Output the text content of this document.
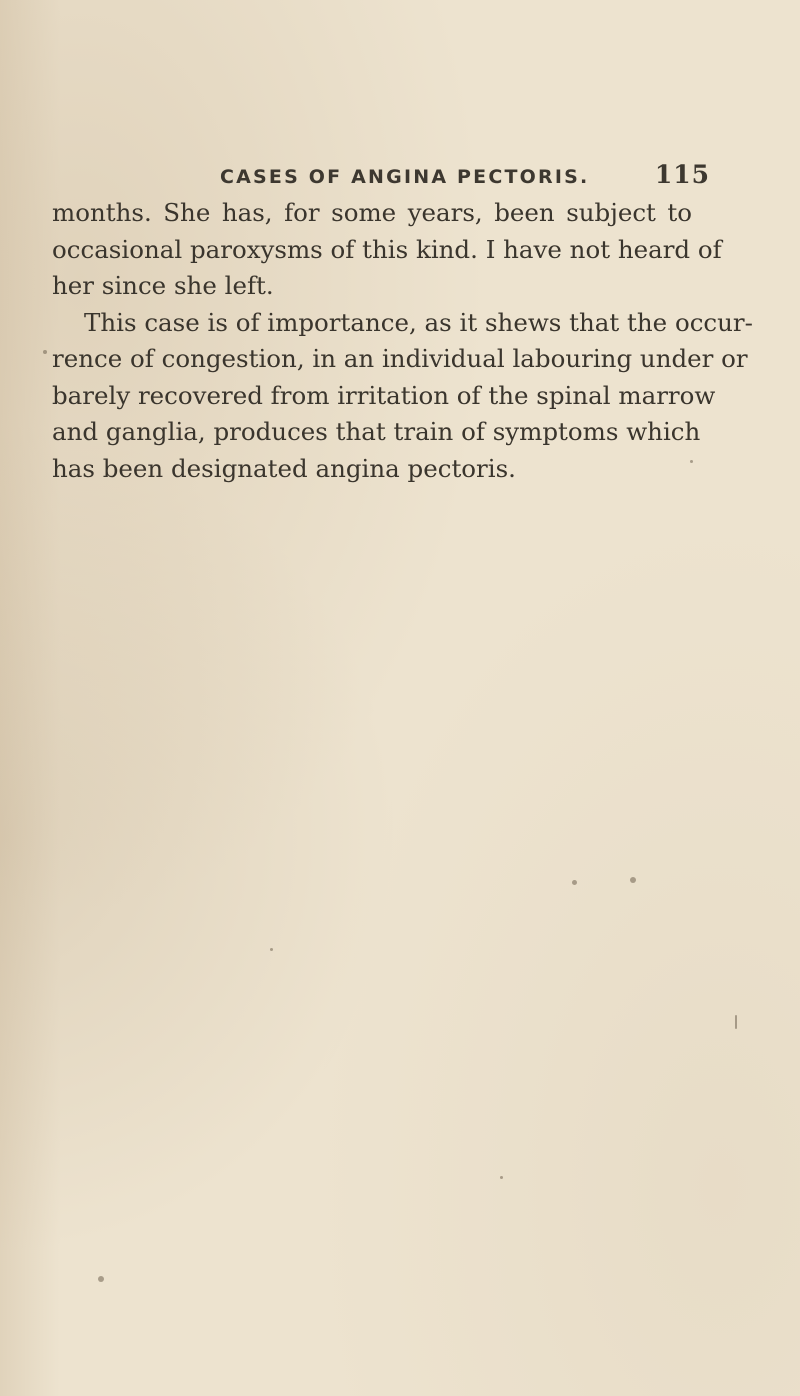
CASES OF ANGINA PECTORIS.	115
months. She has, for some years, been subject to
occasional paroxysms of this kind. I have not heard of
her since she left.
This case is of importance, as it shews that the occur-
rence of congestion, in an individual labouring under or
barely recovered from irritation of the spinal marrow
and ganglia, produces that train of symptoms which
has been designated angina pectoris.
